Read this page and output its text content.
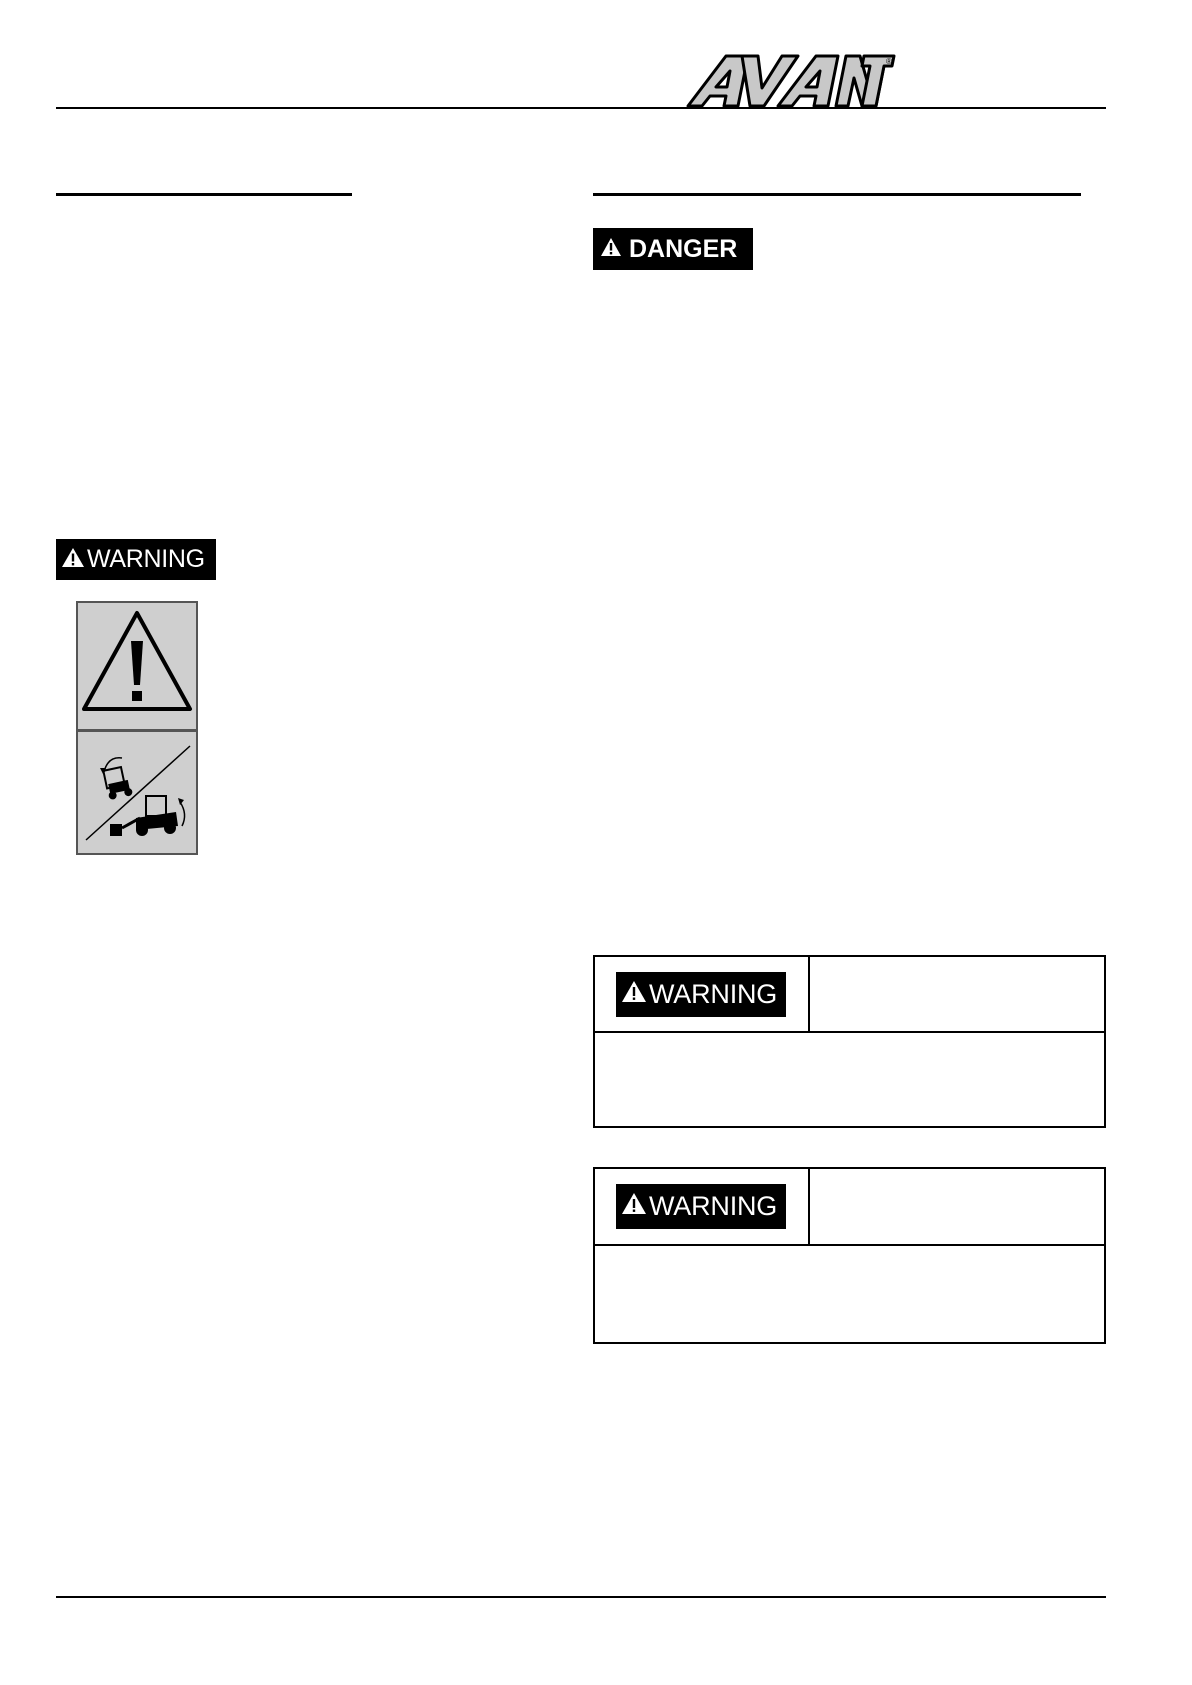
®
DANGER
WARNING
WARNING
WARNING
